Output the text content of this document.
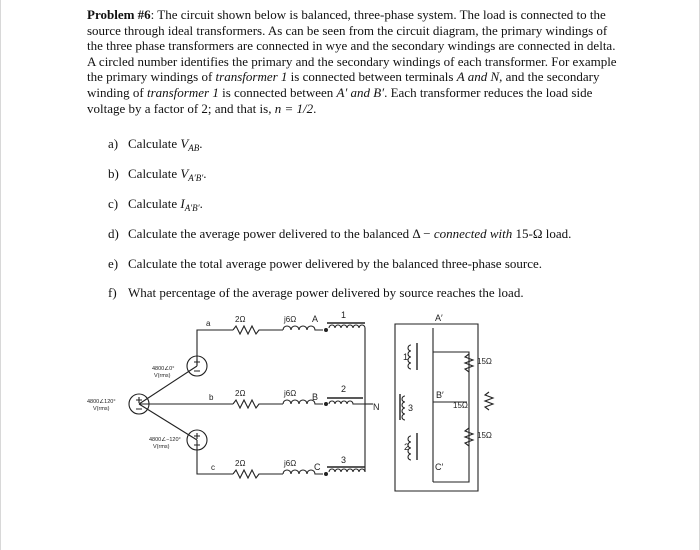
Problem #6: The circuit shown below is balanced, three-phase system. The load is connected to the source through ideal transformers. As can be seen from the circuit diagram, the primary windings of the three phase transformers are connected in wye and the secondary windings are connected in delta. A circled number identifies the primary and the secondary windings of each transformer. For example the primary windings of transformer 1 is connected between terminals A and N, and the secondary winding of transformer 1 is connected between A′ and B′. Each transformer reduces the load side voltage by a factor of 2; and that is, n = 1/2.
a) Calculate $V_{AB}$.
b) Calculate $V_{A'B'}$.
c) Calculate $I_{A'B'}$.
d) Calculate the average power delivered to the balanced Δ − connected with 15-Ω load.
e) Calculate the total average power delivered by the balanced three-phase source.
f) What percentage of the average power delivered by source reaches the load.
a
b
c
2Ω
2Ω
2Ω
j6Ω
j6Ω
j6Ω
A
B
C
N
1
2
3
1
3
2
A′
B′
C′
15Ω
15Ω
15Ω
4800∠0°
V(rms)
4800∠120°
V(rms)
4800∠−120°
V(rms)
